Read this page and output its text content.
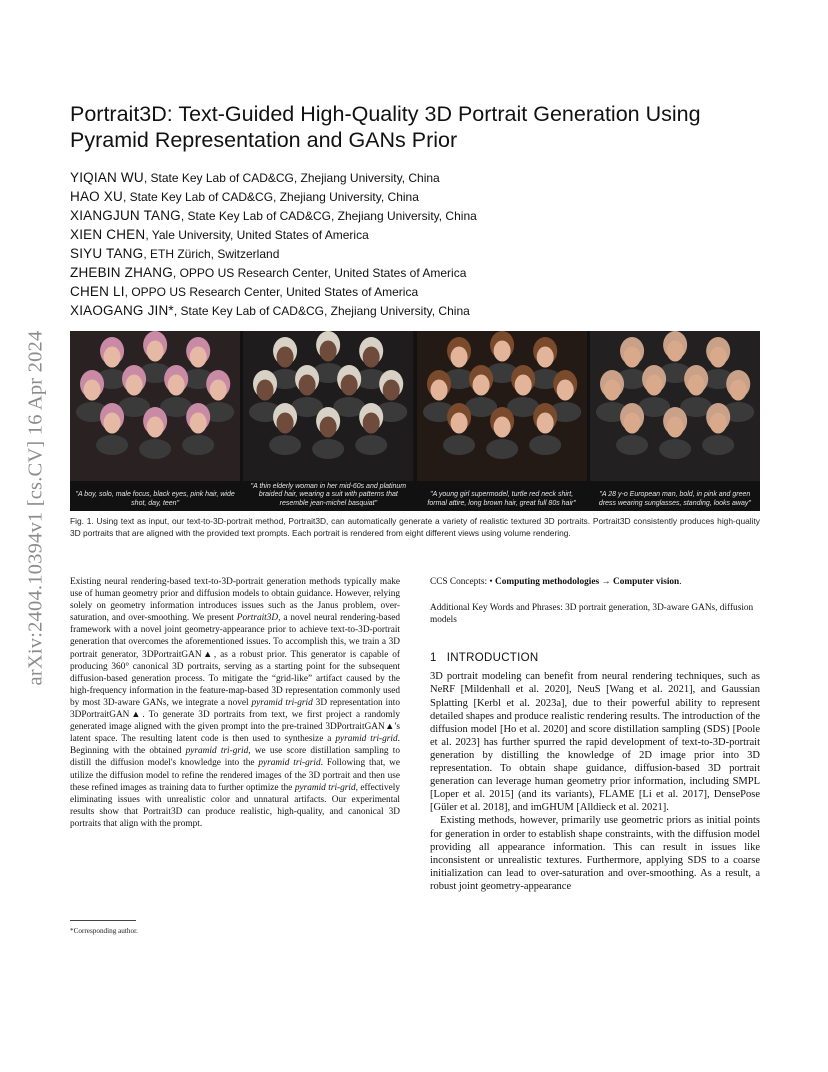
arXiv:2404.10394v1 [cs.CV] 16 Apr 2024
Portrait3D: Text-Guided High-Quality 3D Portrait Generation Using Pyramid Representation and GANs Prior
YIQIAN WU, State Key Lab of CAD&CG, Zhejiang University, China
HAO XU, State Key Lab of CAD&CG, Zhejiang University, China
XIANGJUN TANG, State Key Lab of CAD&CG, Zhejiang University, China
XIEN CHEN, Yale University, United States of America
SIYU TANG, ETH Zürich, Switzerland
ZHEBIN ZHANG, OPPO US Research Center, United States of America
CHEN LI, OPPO US Research Center, United States of America
XIAOGANG JIN*, State Key Lab of CAD&CG, Zhejiang University, China
"A boy, solo, male focus, black eyes, pink hair, wide shot, day, teen"
"A thin elderly woman in her mid-60s and platinum braided hair, wearing a suit with patterns that resemble jean-michel basquiat"
"A young girl supermodel, turtle red neck shirt, formal attire, long brown hair, great full 80s hair"
"A 28 y-o European man, bold, in pink and green dress wearing sunglasses, standing, looks away"
Fig. 1. Using text as input, our text-to-3D-portrait method, Portrait3D, can automatically generate a variety of realistic textured 3D portraits. Portrait3D consistently produces high-quality 3D portraits that are aligned with the provided text prompts. Each portrait is rendered from eight different views using volume rendering.

Existing neural rendering-based text-to-3D-portrait generation methods typically make use of human geometry prior and diffusion models to obtain guidance. However, relying solely on geometry information introduces issues such as the Janus problem, over-saturation, and over-smoothing. We present Portrait3D, a novel neural rendering-based framework with a novel joint geometry-appearance prior to achieve text-to-3D-portrait generation that overcomes the aforementioned issues. To accomplish this, we train a 3D portrait generator, 3DPortraitGAN▲, as a robust prior. This generator is capable of producing 360° canonical 3D portraits, serving as a starting point for the subsequent diffusion-based generation process. To mitigate the “grid-like” artifact caused by the high-frequency information in the feature-map-based 3D representation commonly used by most 3D-aware GANs, we integrate a novel pyramid tri-grid 3D representation into 3DPortraitGAN▲. To generate 3D portraits from text, we first project a randomly generated image aligned with the given prompt into the pre-trained 3DPortraitGAN▲'s latent space. The resulting latent code is then used to synthesize a pyramid tri-grid. Beginning with the obtained pyramid tri-grid, we use score distillation sampling to distill the diffusion model's knowledge into the pyramid tri-grid. Following that, we utilize the diffusion model to refine the rendered images of the 3D portrait and then use these refined images as training data to further optimize the pyramid tri-grid, effectively eliminating issues with unrealistic color and unnatural artifacts. Our experimental results show that Portrait3D can produce realistic, high-quality, and canonical 3D portraits that align with the prompt.

*Corresponding author.
CCS Concepts: • Computing methodologies → Computer vision.
Additional Key Words and Phrases: 3D portrait generation, 3D-aware GANs, diffusion models
1 INTRODUCTION

3D portrait modeling can benefit from neural rendering techniques, such as NeRF [Mildenhall et al. 2020], NeuS [Wang et al. 2021], and Gaussian Splatting [Kerbl et al. 2023a], due to their powerful ability to represent detailed shapes and produce realistic rendering results. The introduction of the diffusion model [Ho et al. 2020] and score distillation sampling (SDS) [Poole et al. 2023] has further spurred the rapid development of text-to-3D-portrait generation by distilling the knowledge of 2D image prior into 3D representation. To obtain shape guidance, diffusion-based 3D portrait generation can leverage human geometry prior information, including SMPL [Loper et al. 2015] (and its variants), FLAME [Li et al. 2017], DensePose [Güler et al. 2018], and imGHUM [Alldieck et al. 2021].

Existing methods, however, primarily use geometric priors as initial points for generation in order to establish shape constraints, with the diffusion model providing all appearance information. This can result in issues like inconsistent or unrealistic textures. Furthermore, applying SDS to a coarse initialization can lead to over-saturation and over-smoothing. As a result, a robust joint geometry-appearance
